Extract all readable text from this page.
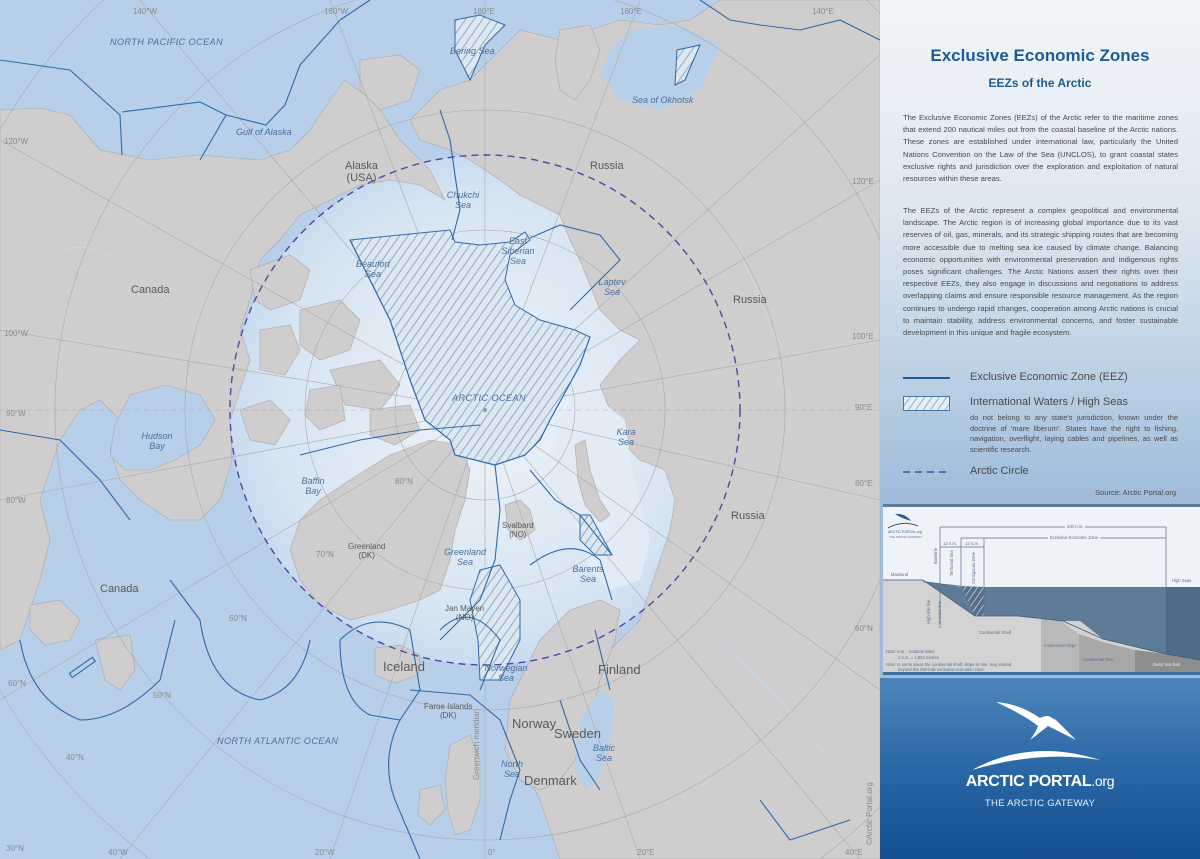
NORTH PACIFIC OCEAN
NORTH ATLANTIC OCEAN
ARCTIC OCEAN
Gulf of Alaska
Bering Sea
Sea of Okhotsk
Chukchi Sea
East Siberian Sea
Beaufort Sea
Laptev Sea
Kara Sea
Barents Sea
Greenland Sea
Norwegian Sea
North Sea
Baltic Sea
Hudson Bay
Baffin Bay
Alaska
(USA)
Russia
Russia
Russia
Canada
Canada
Greenland
(DK)
Iceland	Finland
Norway
Sweden
Denmark
Svalbard
(NO)
Jan Mayen
(NO)
Faroe Islands
(DK)	Greenwich meridian
©Arctic Portal.org
140°W	160°W	180°E	160°E	140°E
120°W
120°E
100°W	100°E
90°W
90°E
80°W
80°E
80°N
70°N
60°N
60°N
60°N
50°N
40°N
30°N	40°W	20°W	0°	20°E	40°E
Exclusive Economic Zones
EEZs of the Arctic
The Exclusive Economic Zones (EEZs) of the Arctic refer to the maritime zones that extend 200 nautical miles out from the coastal baseline of the Arctic nations. These zones are established under international law, particularly the United Nations Convention on the Law of the Sea (UNCLOS), to grant coastal states exclusive rights and jurisdiction over the exploration and exploitation of natural resources within these areas.
The EEZs of the Arctic represent a complex geopolitical and environmental landscape. The Arctic region is of increasing global importance due to its vast reserves of oil, gas, minerals, and its strategic shipping routes that are becoming more accessible due to melting sea ice caused by climate change. Balancing economic opportunities with environmental preservation and indigenous rights poses significant challenges. The Arctic Nations assert their rights over their respective EEZs, they also engage in discussions and negotiations to address overlapping claims and ensure responsible resource management. As the region continues to undergo rapid changes, cooperation among Arctic nations is crucial to maintain stability, address environmental concerns, and foster sustainable development in this unique and fragile ecosystem.
Exclusive Economic Zone (EEZ)
International Waters / High Seas
do not belong to any state's jurisdiction, known under the doctrine of 'mare liberum'. States have the right to fishing, navigation, overflight, laying cables and pipelines, as well as scientific research.
Arctic Circle
Source: Arctic Portal.org
ARCTIC PORTAL.org
THE ARCTIC GATEWAY
200 n.m.
Exclusive Economic Zone
12 n.m. 12 n.m.
Baseline	Territorial Sea	Contiguous Zone
Mainland
High Seas
High-tide line Low-water line
Continental Shelf
Continental Slope
Continental Rise
Deep Sea Bed
Note: n.m. - nautical miles
1 n.m. = 1,852 metres
Note: In some areas the continental shelf, slope or rise, may extend
beyond the 200-mile exclusive economic zone.
ARCTIC PORTAL.org
THE ARCTIC GATEWAY
